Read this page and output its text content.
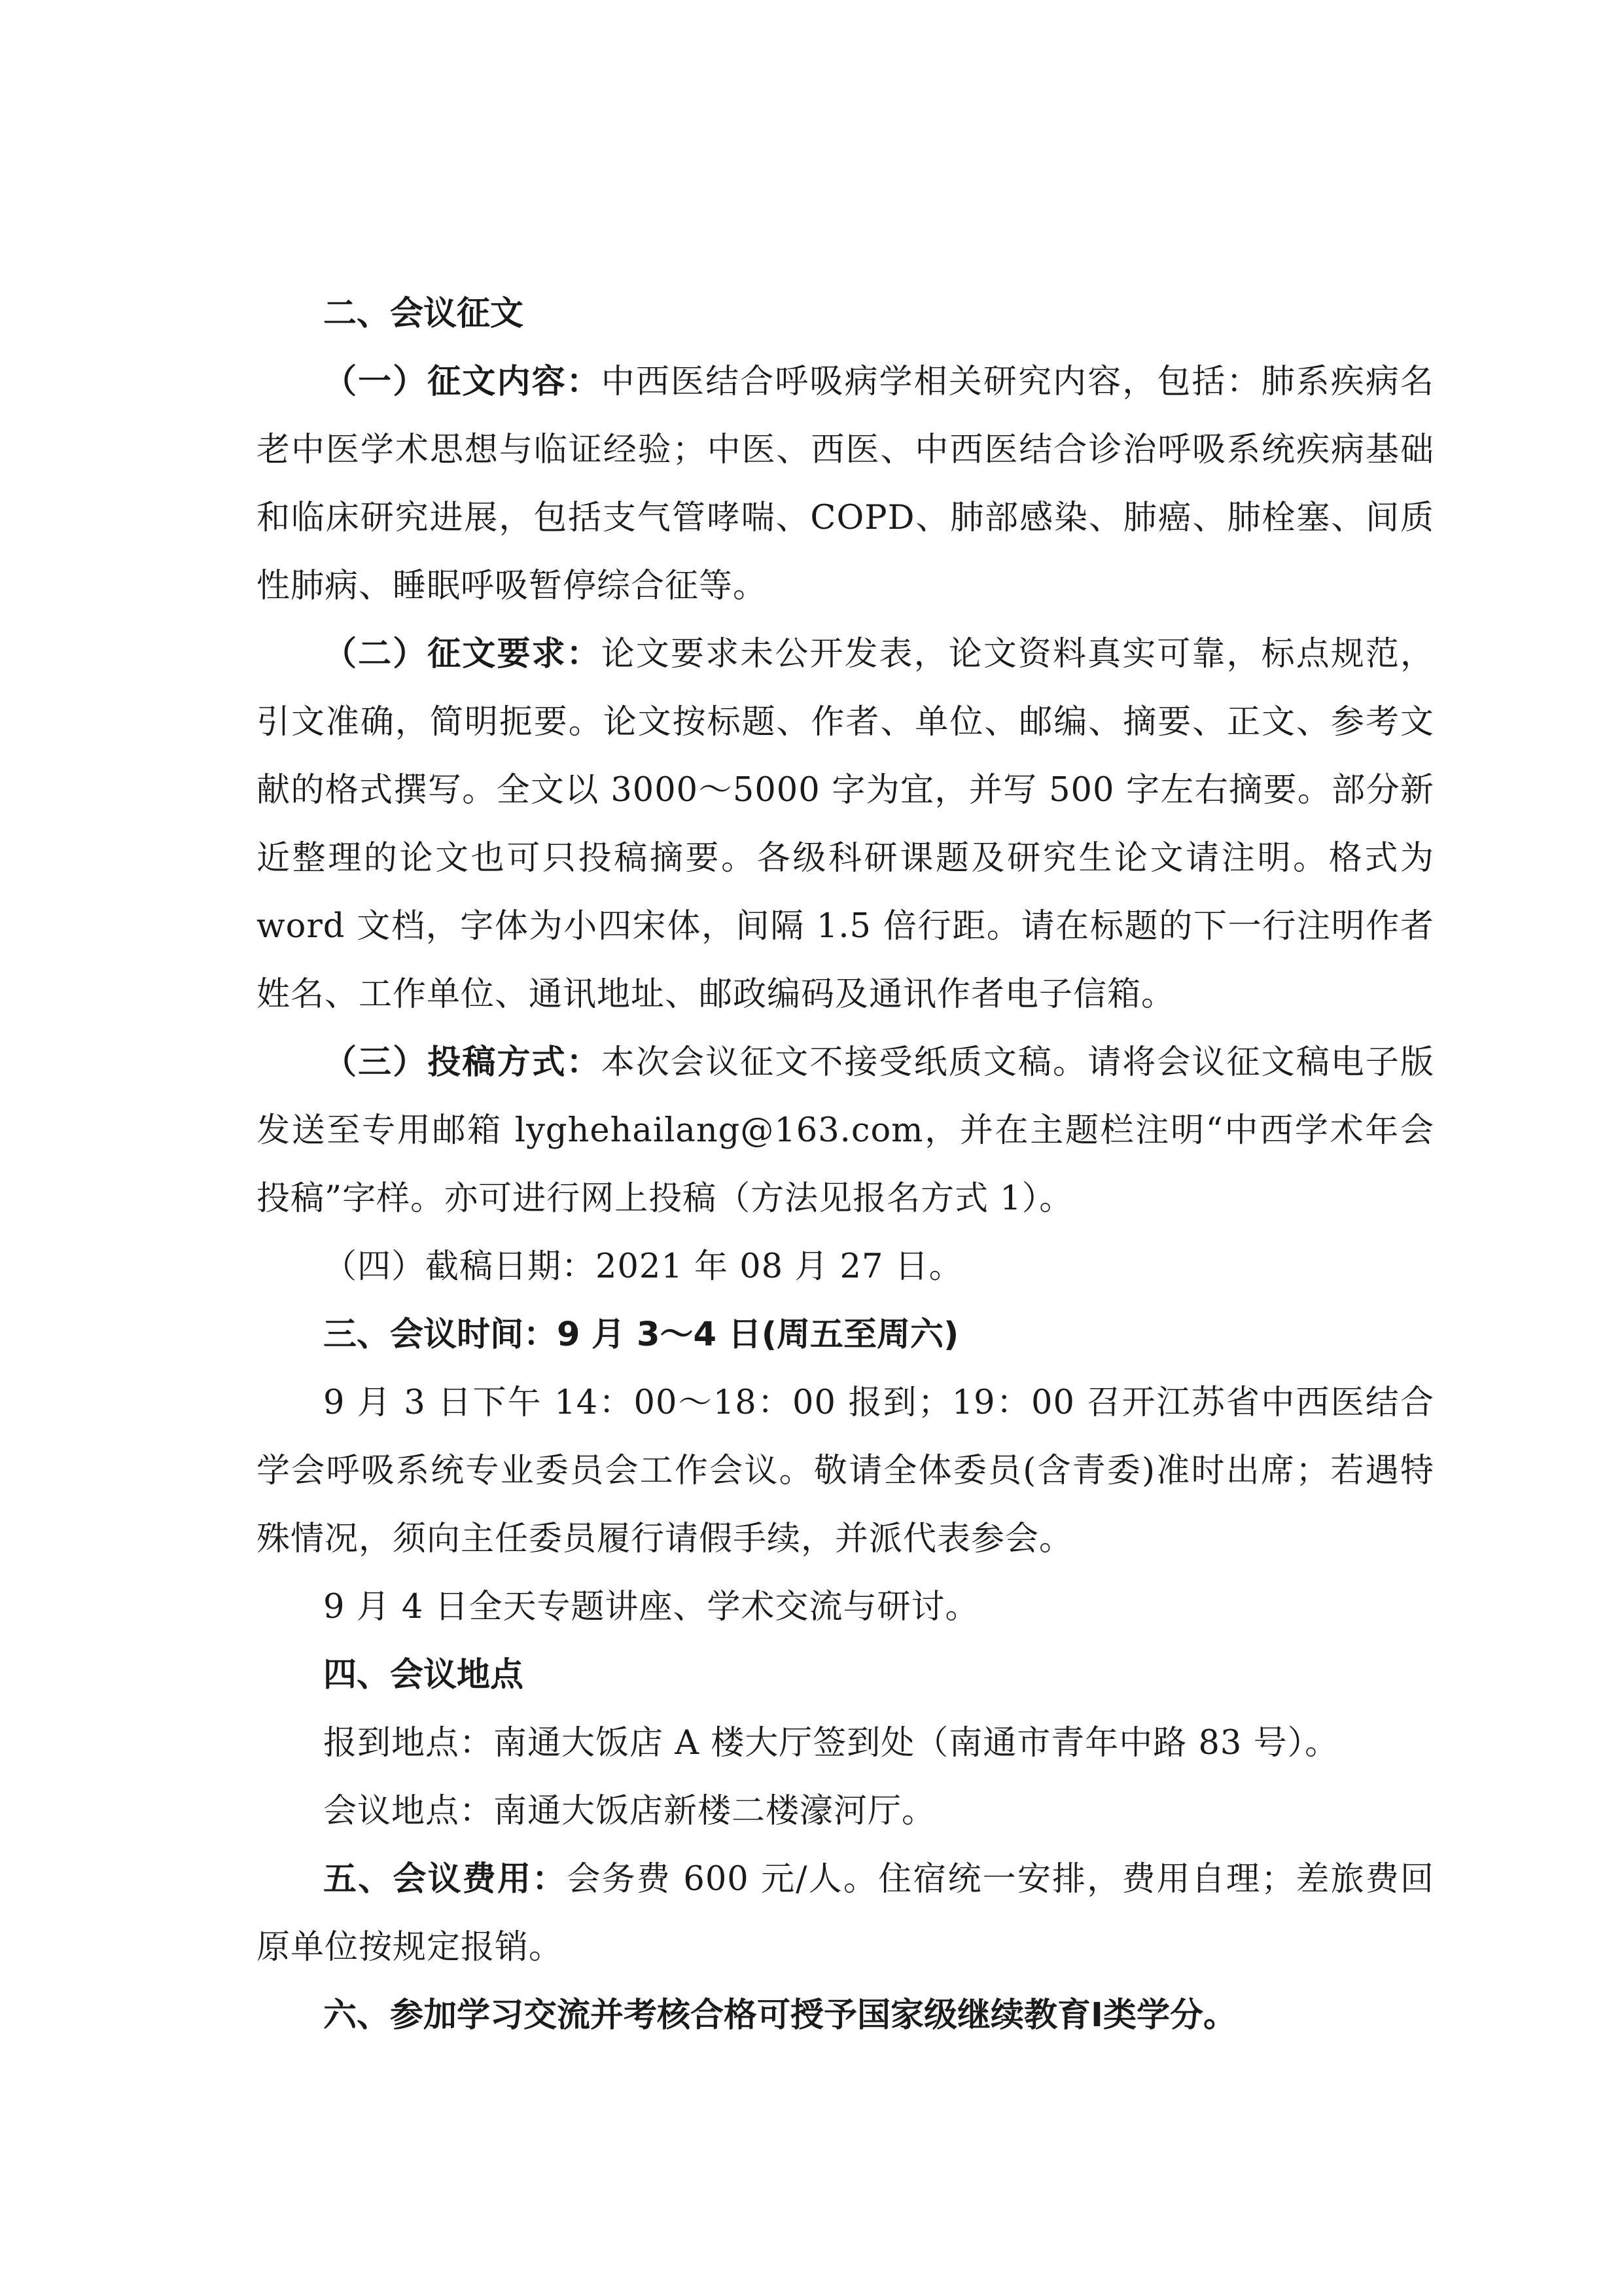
二、会议征文

（一）征文内容：中西医结合呼吸病学相关研究内容，包括：肺系疾病名老中医学术思想与临证经验；中医、西医、中西医结合诊治呼吸系统疾病基础和临床研究进展，包括支气管哮喘、COPD、肺部感染、肺癌、肺栓塞、间质性肺病、睡眠呼吸暂停综合征等。

（二）征文要求：论文要求未公开发表，论文资料真实可靠，标点规范，引文准确，简明扼要。论文按标题、作者、单位、邮编、摘要、正文、参考文献的格式撰写。全文以 3000～5000 字为宜，并写 500 字左右摘要。部分新近整理的论文也可只投稿摘要。各级科研课题及研究生论文请注明。格式为 word 文档，字体为小四宋体，间隔 1.5 倍行距。请在标题的下一行注明作者姓名、工作单位、通讯地址、邮政编码及通讯作者电子信箱。

（三）投稿方式：本次会议征文不接受纸质文稿。请将会议征文稿电子版发送至专用邮箱 lyghehailang@163.com，并在主题栏注明“中西学术年会投稿”字样。亦可进行网上投稿（方法见报名方式 1）。

（四）截稿日期：2021 年 08 月 27 日。

三、会议时间：9 月 3～4 日(周五至周六)

9 月 3 日下午 14：00～18：00 报到；19：00 召开江苏省中西医结合学会呼吸系统专业委员会工作会议。敬请全体委员(含青委)准时出席；若遇特殊情况，须向主任委员履行请假手续，并派代表参会。

9 月 4 日全天专题讲座、学术交流与研讨。

四、会议地点

报到地点：南通大饭店 A 楼大厅签到处（南通市青年中路 83 号）。

会议地点：南通大饭店新楼二楼濠河厅。

五、会议费用：会务费 600 元/人。住宿统一安排，费用自理；差旅费回原单位按规定报销。

六、参加学习交流并考核合格可授予国家级继续教育Ⅰ类学分。
